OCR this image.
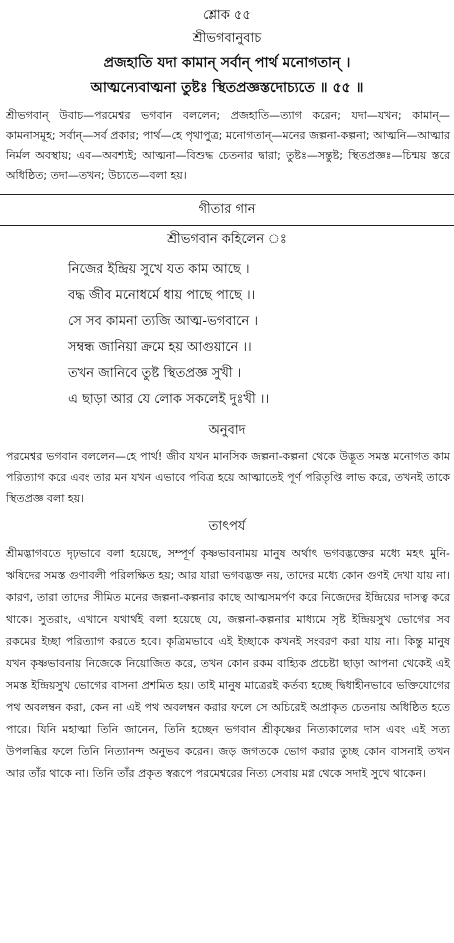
শ্লোক ৫৫
শ্রীভগবানুবাচ
প্রজহাতি যদা কামান্‌ সর্বান্‌ পার্থ মনোগতান্‌ ।
আত্মন্যেবাত্মনা তুষ্টঃ স্থিতপ্রজ্ঞস্তদোচ্যতে ॥ ৫৫ ॥
শ্রীভগবান্‌ উবাচ—পরমেশ্বর ভগবান বললেন; প্রজহাতি—ত্যাগ করেন; যদা—যখন; কামান্‌—কামনাসমূহ; সর্বান্‌—সর্ব প্রকার; পার্থ—হে পৃথাপুত্র; মনোগতান্‌—মনের জল্পনা-কল্পনা; আত্মনি—আত্মার নির্মল অবস্থায়; এব—অবশ্যই; আত্মনা—বিশুদ্ধ চেতনার দ্বারা; তুষ্টঃ—সন্তুষ্ট; স্থিতপ্রজ্ঞঃ—চিন্ময় স্তরে অধিষ্ঠিত; তদা—তখন; উচ্যতে—বলা হয়।
গীতার গান
শ্রীভগবান কহিলেন ঃ
নিজের ইন্দ্রিয় সুখে যত কাম আছে ।
বদ্ধ জীব মনোধর্মে ধায় পাছে পাছে ।।
সে সব কামনা ত্যজি আত্ম-ভগবানে ।
সম্বন্ধ জানিয়া ক্রমে হয় আগুয়ানে ।।
তখন জানিবে তুষ্ট স্থিতপ্রজ্ঞ সুখী ।
এ ছাড়া আর যে লোক সকলেই দুঃখী ।।
অনুবাদ
পরমেশ্বর ভগবান বললেন—হে পার্থ! জীব যখন মানসিক জল্পনা-কল্পনা থেকে উদ্ভূত সমস্ত মনোগত কাম পরিত্যাগ করে এবং তার মন যখন এভাবে পবিত্র হয়ে আত্মাতেই পূর্ণ পরিতৃপ্তি লাভ করে, তখনই তাকে স্থিতপ্রজ্ঞ বলা হয়।
তাৎপর্য
শ্রীমদ্ভাগবতে দৃঢ়ভাবে বলা হয়েছে, সম্পূর্ণ কৃষ্ণভাবনাময় মানুষ অর্থাৎ ভগবদ্ভক্তের মধ্যে মহৎ মুনি-ঋষিদের সমস্ত গুণাবলী পরিলক্ষিত হয়; আর যারা ভগবদ্ভক্ত নয়, তাদের মধ্যে কোন গুণই দেখা যায় না। কারণ, তারা তাদের সীমিত মনের জল্পনা-কল্পনার কাছে আত্মসমর্পণ করে নিজেদের ইন্দ্রিয়ের দাসত্ব করে থাকে। সুতরাং, এখানে যথার্থই বলা হয়েছে যে, জল্পনা-কল্পনার মাধ্যমে সৃষ্ট ইন্দ্রিয়সুখ ভোগের সব রকমের ইচ্ছা পরিত্যাগ করতে হবে। কৃত্রিমভাবে এই ইচ্ছাকে কখনই সংবরণ করা যায় না। কিন্তু মানুষ যখন কৃষ্ণভাবনায় নিজেকে নিয়োজিত করে, তখন কোন রকম বাহ্যিক প্রচেষ্টা ছাড়া আপনা থেকেই এই সমস্ত ইন্দ্রিয়সুখ ভোগের বাসনা প্রশমিত হয়। তাই মানুষ মাত্রেরই কর্তব্য হচ্ছে দ্বিধাহীনভাবে ভক্তিযোগের পথ অবলম্বন করা, কেন না এই পথ অবলম্বন করার ফলে সে অচিরেই অপ্রাকৃত চেতনায় অধিষ্ঠিত হতে পারে। যিনি মহাত্মা তিনি জানেন, তিনি হচ্ছেন ভগবান শ্রীকৃষ্ণের নিত্যকালের দাস এবং এই সত্য উপলব্ধির ফলে তিনি নিত্যানন্দ অনুভব করেন। জড় জগতকে ভোগ করার তুচ্ছ কোন বাসনাই তখন আর তাঁর থাকে না। তিনি তাঁর প্রকৃত স্বরূপে পরমেশ্বরের নিত্য সেবায় মগ্ন থেকে সদাই সুখে থাকেন।
